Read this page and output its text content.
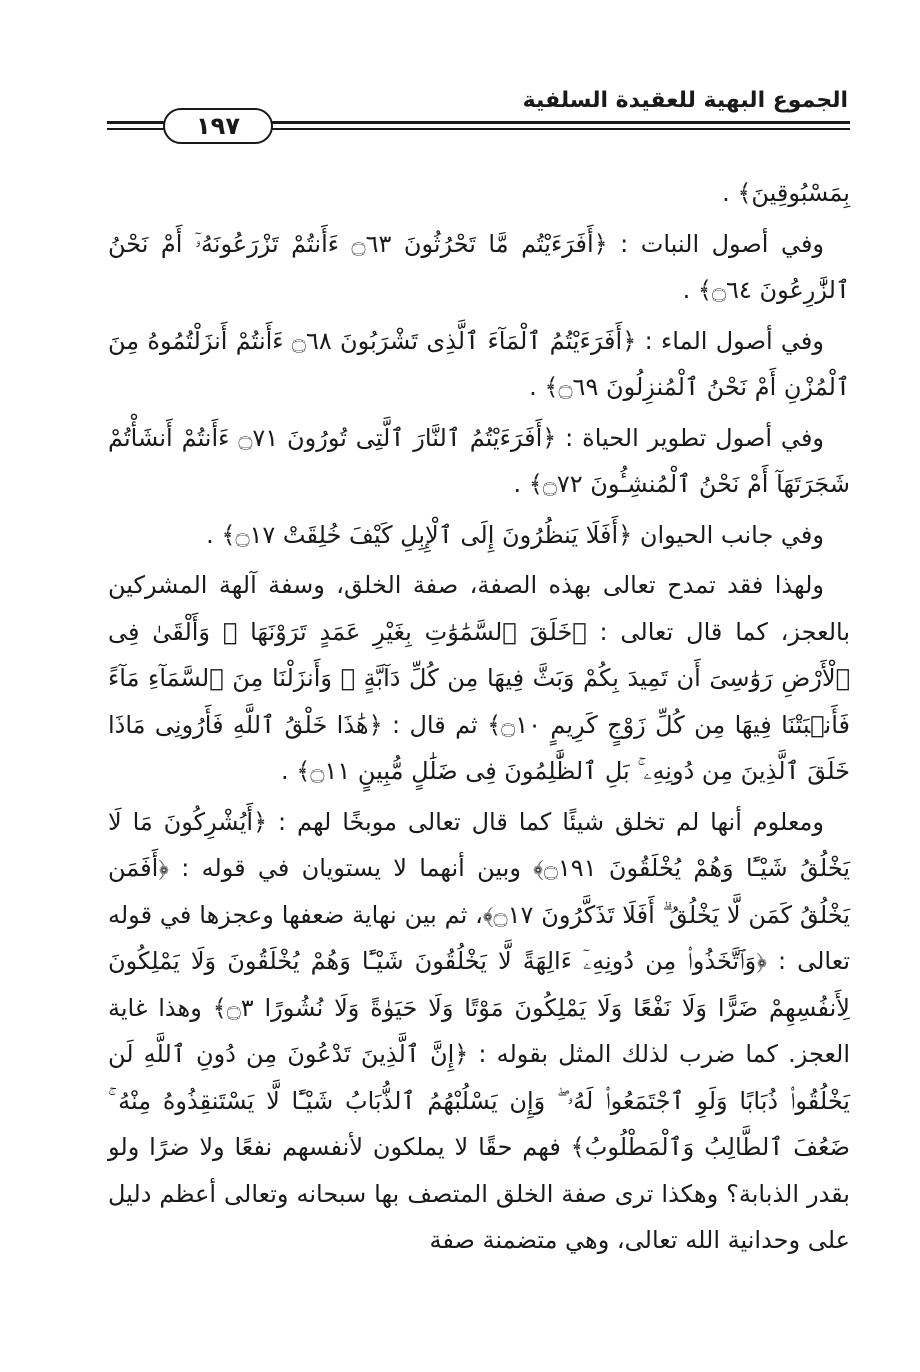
الجموع البهية للعقيدة السلفية
١٩٧

بِمَسْبُوقِينَ﴾ .

وفي أصول النبات : ﴿أَفَرَءَيْتُم مَّا تَحْرُثُونَ ۝٦٣ ءَأَنتُمْ تَزْرَعُونَهُۥٓ أَمْ نَحْنُ ٱلزَّٰرِعُونَ ۝٦٤﴾ .

وفي أصول الماء : ﴿أَفَرَءَيْتُمُ ٱلْمَآءَ ٱلَّذِى تَشْرَبُونَ ۝٦٨ ءَأَنتُمْ أَنزَلْتُمُوهُ مِنَ ٱلْمُزْنِ أَمْ نَحْنُ ٱلْمُنزِلُونَ ۝٦٩﴾ .

وفي أصول تطوير الحياة : ﴿أَفَرَءَيْتُمُ ٱلنَّارَ ٱلَّتِى تُورُونَ ۝٧١ ءَأَنتُمْ أَنشَأْتُمْ شَجَرَتَهَآ أَمْ نَحْنُ ٱلْمُنشِـُٔونَ ۝٧٢﴾ .

وفي جانب الحيوان ﴿أَفَلَا يَنظُرُونَ إِلَى ٱلْإِبِلِ كَيْفَ خُلِقَتْ ۝١٧﴾ .

ولهذا فقد تمدح تعالى بهذه الصفة، صفة الخلق، وسفة آلهة المشركين بالعجز، كما قال تعالى : ﴿خَلَقَ ٱلسَّمَٰوَٰتِ بِغَيْرِ عَمَدٍ تَرَوْنَهَا ۖ وَأَلْقَىٰ فِى ٱلْأَرْضِ رَوَٰسِىَ أَن تَمِيدَ بِكُمْ وَبَثَّ فِيهَا مِن كُلِّ دَآبَّةٍ ۚ وَأَنزَلْنَا مِنَ ٱلسَّمَآءِ مَآءً فَأَنۢبَتْنَا فِيهَا مِن كُلِّ زَوْجٍ كَرِيمٍ ۝١٠﴾ ثم قال : ﴿هَٰذَا خَلْقُ ٱللَّهِ فَأَرُونِى مَاذَا خَلَقَ ٱلَّذِينَ مِن دُونِهِۦ ۚ بَلِ ٱلظَّٰلِمُونَ فِى ضَلَٰلٍ مُّبِينٍ ۝١١﴾ .

ومعلوم أنها لم تخلق شيئًا كما قال تعالى موبخًا لهم : ﴿أَيُشْرِكُونَ مَا لَا يَخْلُقُ شَيْـًٔا وَهُمْ يُخْلَقُونَ ۝١٩١﴾ وبين أنهما لا يستويان في قوله : ﴿أَفَمَن يَخْلُقُ كَمَن لَّا يَخْلُقُ ۗ أَفَلَا تَذَكَّرُونَ ۝١٧﴾، ثم بين نهاية ضعفها وعجزها في قوله تعالى : ﴿وَٱتَّخَذُوا۟ مِن دُونِهِۦٓ ءَالِهَةً لَّا يَخْلُقُونَ شَيْـًٔا وَهُمْ يُخْلَقُونَ وَلَا يَمْلِكُونَ لِأَنفُسِهِمْ ضَرًّا وَلَا نَفْعًا وَلَا يَمْلِكُونَ مَوْتًا وَلَا حَيَوٰةً وَلَا نُشُورًا ۝٣﴾ وهذا غاية العجز. كما ضرب لذلك المثل بقوله : ﴿إِنَّ ٱلَّذِينَ تَدْعُونَ مِن دُونِ ٱللَّهِ لَن يَخْلُقُوا۟ ذُبَابًا وَلَوِ ٱجْتَمَعُوا۟ لَهُۥ ۖ وَإِن يَسْلُبْهُمُ ٱلذُّبَابُ شَيْـًٔا لَّا يَسْتَنقِذُوهُ مِنْهُ ۚ ضَعُفَ ٱلطَّالِبُ وَٱلْمَطْلُوبُ﴾ فهم حقًا لا يملكون لأنفسهم نفعًا ولا ضرًا ولو بقدر الذبابة؟ وهكذا ترى صفة الخلق المتصف بها سبحانه وتعالى أعظم دليل على وحدانية الله تعالى، وهي متضمنة صفة
